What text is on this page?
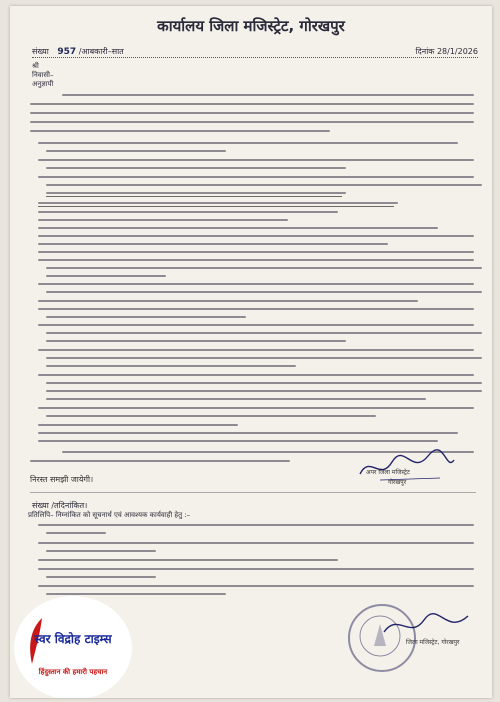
कार्यालय जिला मजिस्ट्रेट, गोरखपुर
संख्या 957 /आबकारी–सात	दिनांक 28/1/2026
श्री
निवासी–
अनुज्ञापी
निरस्त समझी जायेगी।
अपर जिला मजिस्ट्रेट
गोरखपुर
संख्या /तदिनांकित।
प्रतिलिपि– निम्नांकित को सूचनार्थ एवं आवश्यक कार्यवाही हेतु :–
जिला मजिस्ट्रेट, गोरखपुर
स्वर विद्रोह टाइम्स
हिंदुस्तान की हमारी पहचान
